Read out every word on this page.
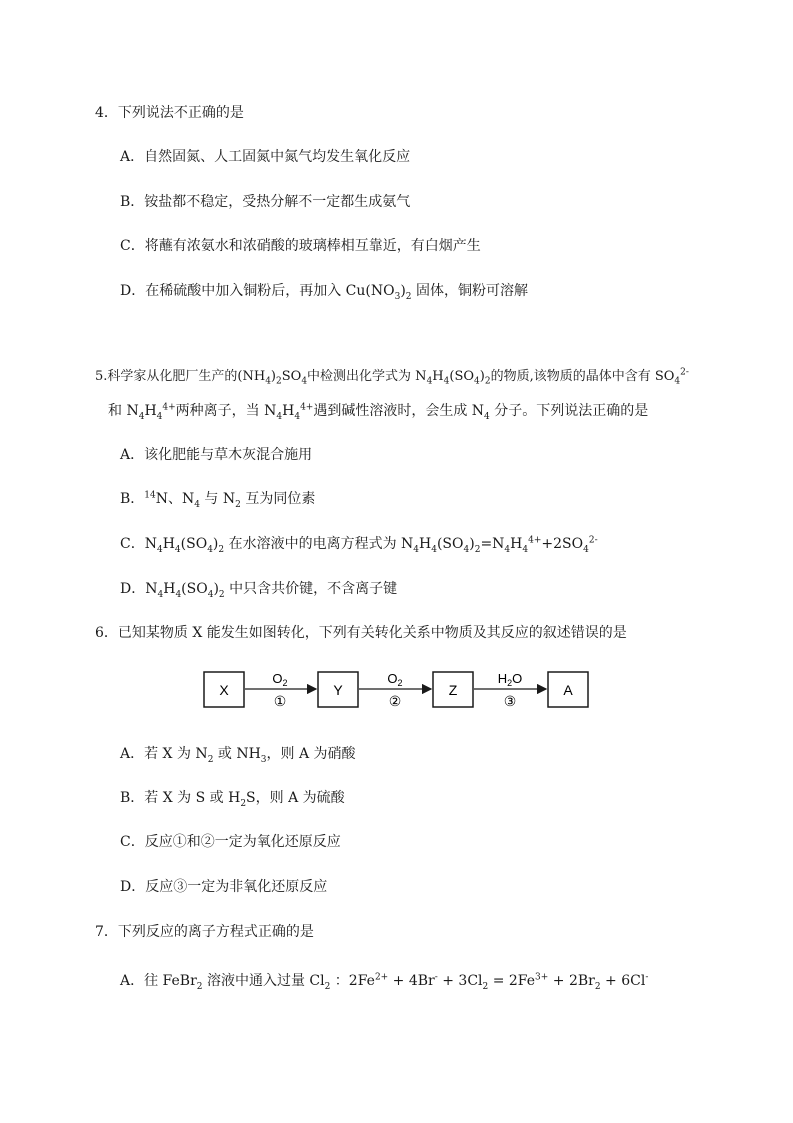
4．下列说法不正确的是
A．自然固氮、人工固氮中氮气均发生氧化反应
B．铵盐都不稳定，受热分解不一定都生成氨气
C．将蘸有浓氨水和浓硝酸的玻璃棒相互靠近，有白烟产生
D．在稀硫酸中加入铜粉后，再加入 $Cu(NO_3)_2$ 固体，铜粉可溶解
5.科学家从化肥厂生产的$(NH_4)_2SO_4$中检测出化学式为 $N_4H_4(SO_4)_2$的物质,该物质的晶体中含有 $SO_4^{2-}$
和 $N_4H_4^{4+}$两种离子，当 $N_4H_4^{4+}$遇到碱性溶液时，会生成 $N_4$ 分子。下列说法正确的是
A．该化肥能与草木灰混合施用
B．$^{14}$N、$N_4$ 与 $N_2$ 互为同位素
C．$N_4H_4(SO_4)_2$ 在水溶液中的电离方程式为 $N_4H_4(SO_4)_2=N_4H_4^{4+}+2SO_4^{2-}$
D．$N_4H_4(SO_4)_2$ 中只含共价键，不含离子键
6．已知某物质 X 能发生如图转化，下列有关转化关系中物质及其反应的叙述错误的是
X	Y	Z	A
$O_2$
①
$O_2$
②
$H_2O$
③
A．若 X 为 $N_2$ 或 $NH_3$，则 A 为硝酸
B．若 X 为 S 或 $H_2S$，则 A 为硫酸
C．反应①和②一定为氧化还原反应
D．反应③一定为非氧化还原反应
7．下列反应的离子方程式正确的是
A．往 FeBr$_2$ 溶液中通入过量 $Cl_2$ ：$2Fe^{2+} + 4Br^- + 3Cl_2 = 2Fe^{3+} + 2Br_2 + 6Cl^-$
